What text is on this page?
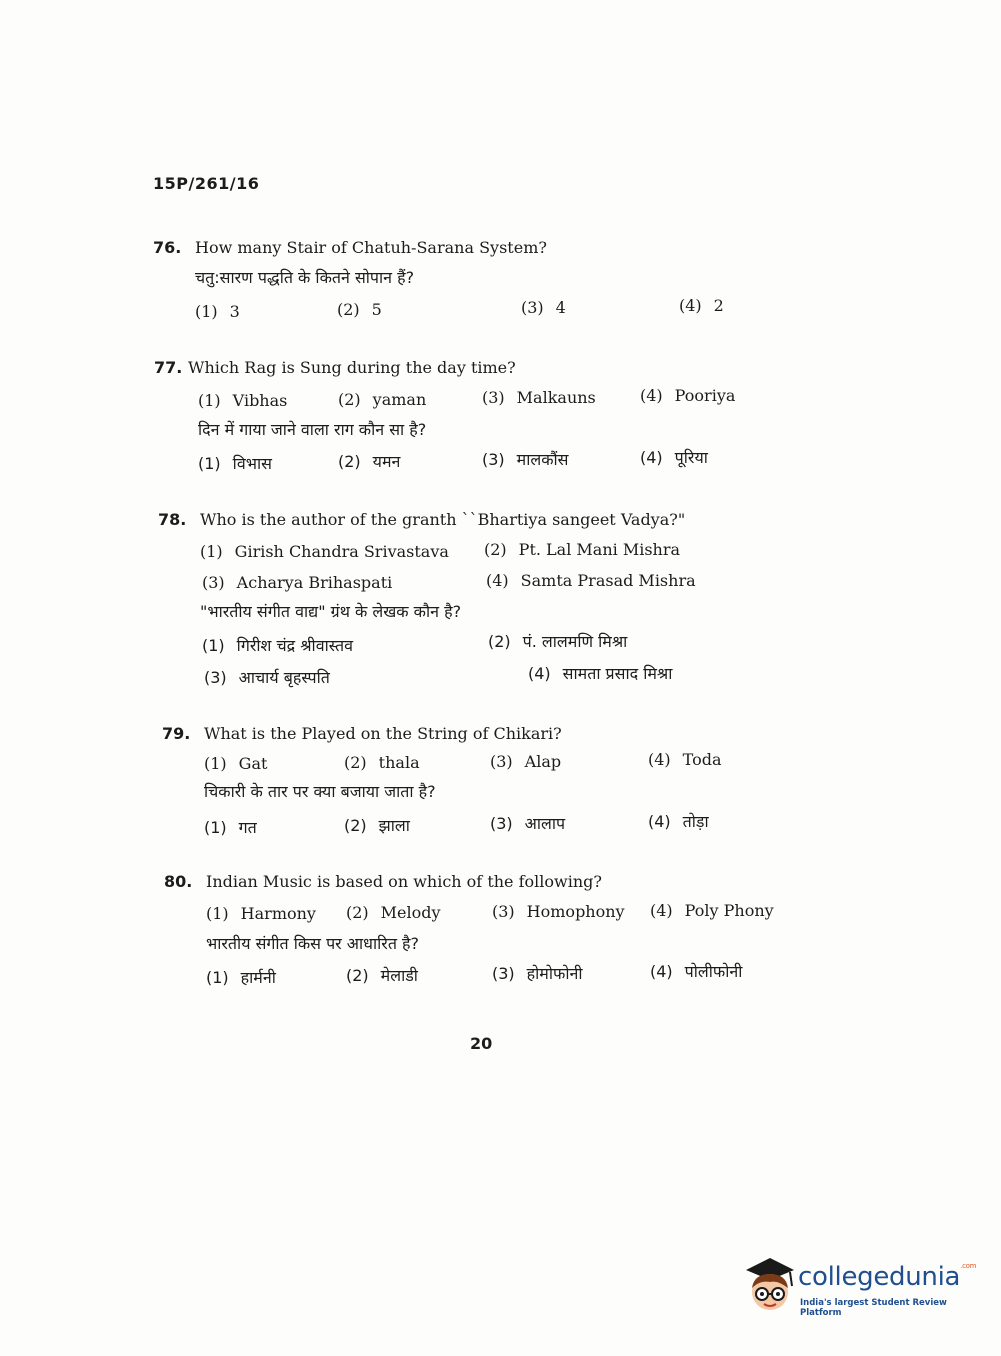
15P/261/16
76. How many Stair of Chatuh-Sarana System?
चतु:सारण पद्धति के कितने सोपान हैं?
(1) 3	(2) 5	(3) 4	(4) 2
77. Which Rag is Sung during the day time?
(1) Vibhas	(2) yaman	(3) Malkauns	(4) Pooriya
दिन में गाया जाने वाला राग कौन सा है?
(1) विभास	(2) यमन	(3) मालकौंस	(4) पूरिया
78. Who is the author of the granth ``Bhartiya sangeet Vadya?"
(1) Girish Chandra Srivastava (2) Pt. Lal Mani Mishra
(3) Acharya Brihaspati	(4) Samta Prasad Mishra
"भारतीय संगीत वाद्य" ग्रंथ के लेखक कौन है?
(1) गिरीश चंद्र श्रीवास्तव	(2) पं. लालमणि मिश्रा
(3) आचार्य बृहस्पति	(4) सामता प्रसाद मिश्रा
79. What is the Played on the String of Chikari?
(1) Gat	(2) thala	(3) Alap	(4) Toda
चिकारी के तार पर क्या बजाया जाता है?
(1) गत	(2) झाला	(3) आलाप	(4) तोड़ा
80. Indian Music is based on which of the following?
(1) Harmony (2) Melody	(3) Homophony (4) Poly Phony
भारतीय संगीत किस पर आधारित है?
(1) हार्मनी	(2) मेलाडी	(3) होमोफोनी	(4) पोलीफोनी
20
collegedunia$^{.com}$
India's largest Student Review Platform
